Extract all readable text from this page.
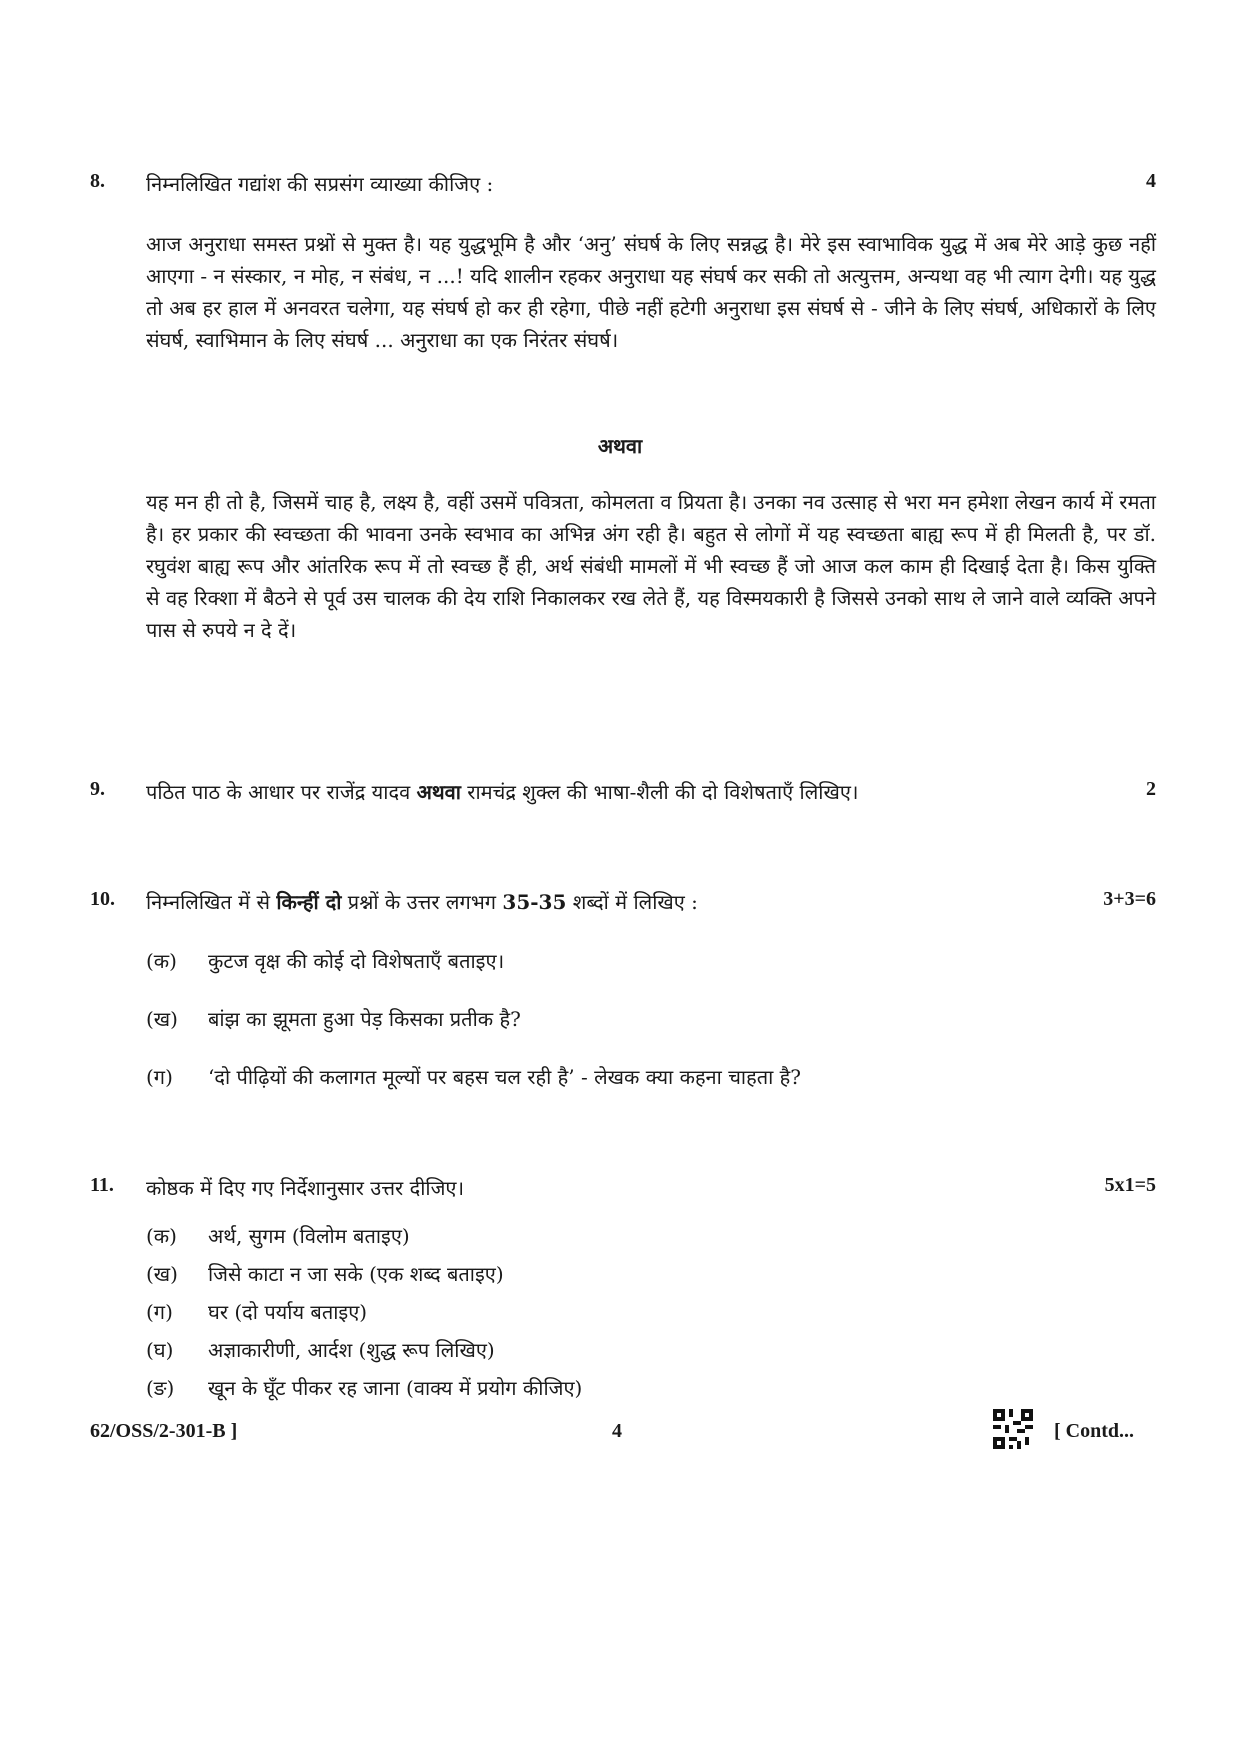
8. निम्नलिखित गद्यांश की सप्रसंग व्याख्या कीजिए :	4
आज अनुराधा समस्त प्रश्नों से मुक्त है। यह युद्धभूमि है और ‘अनु’ संघर्ष के लिए सन्नद्ध है। मेरे इस स्वाभाविक युद्ध में अब मेरे आड़े कुछ नहीं आएगा - न संस्कार, न मोह, न संबंध, न ...! यदि शालीन रहकर अनुराधा यह संघर्ष कर सकी तो अत्युत्तम, अन्यथा वह भी त्याग देगी। यह युद्ध तो अब हर हाल में अनवरत चलेगा, यह संघर्ष हो कर ही रहेगा, पीछे नहीं हटेगी अनुराधा इस संघर्ष से - जीने के लिए संघर्ष, अधिकारों के लिए संघर्ष, स्वाभिमान के लिए संघर्ष ... अनुराधा का एक निरंतर संघर्ष।
अथवा
यह मन ही तो है, जिसमें चाह है, लक्ष्य है, वहीं उसमें पवित्रता, कोमलता व प्रियता है। उनका नव उत्साह से भरा मन हमेशा लेखन कार्य में रमता है। हर प्रकार की स्वच्छता की भावना उनके स्वभाव का अभिन्न अंग रही है। बहुत से लोगों में यह स्वच्छता बाह्य रूप में ही मिलती है, पर डॉ. रघुवंश बाह्य रूप और आंतरिक रूप में तो स्वच्छ हैं ही, अर्थ संबंधी मामलों में भी स्वच्छ हैं जो आज कल काम ही दिखाई देता है। किस युक्ति से वह रिक्शा में बैठने से पूर्व उस चालक की देय राशि निकालकर रख लेते हैं, यह विस्मयकारी है जिससे उनको साथ ले जाने वाले व्यक्ति अपने पास से रुपये न दे दें।
9. पठित पाठ के आधार पर राजेंद्र यादव अथवा रामचंद्र शुक्ल की भाषा-शैली की दो विशेषताएँ लिखिए।	2
10. निम्नलिखित में से किन्हीं दो प्रश्नों के उत्तर लगभग 35-35 शब्दों में लिखिए :	3+3=6
(क) कुटज वृक्ष की कोई दो विशेषताएँ बताइए।
(ख) बांझ का झूमता हुआ पेड़ किसका प्रतीक है?
(ग) ‘दो पीढ़ियों की कलागत मूल्यों पर बहस चल रही है’ - लेखक क्या कहना चाहता है?
11. कोष्ठक में दिए गए निर्देशानुसार उत्तर दीजिए।	5x1=5
(क) अर्थ, सुगम (विलोम बताइए)
(ख) जिसे काटा न जा सके (एक शब्द बताइए)
(ग) घर (दो पर्याय बताइए)
62/OSS/2-301-B ]	4	[ Contd...
(घ) अज्ञाकारीणी, आर्दश (शुद्ध रूप लिखिए)
(ङ) खून के घूँट पीकर रह जाना (वाक्य में प्रयोग कीजिए)
